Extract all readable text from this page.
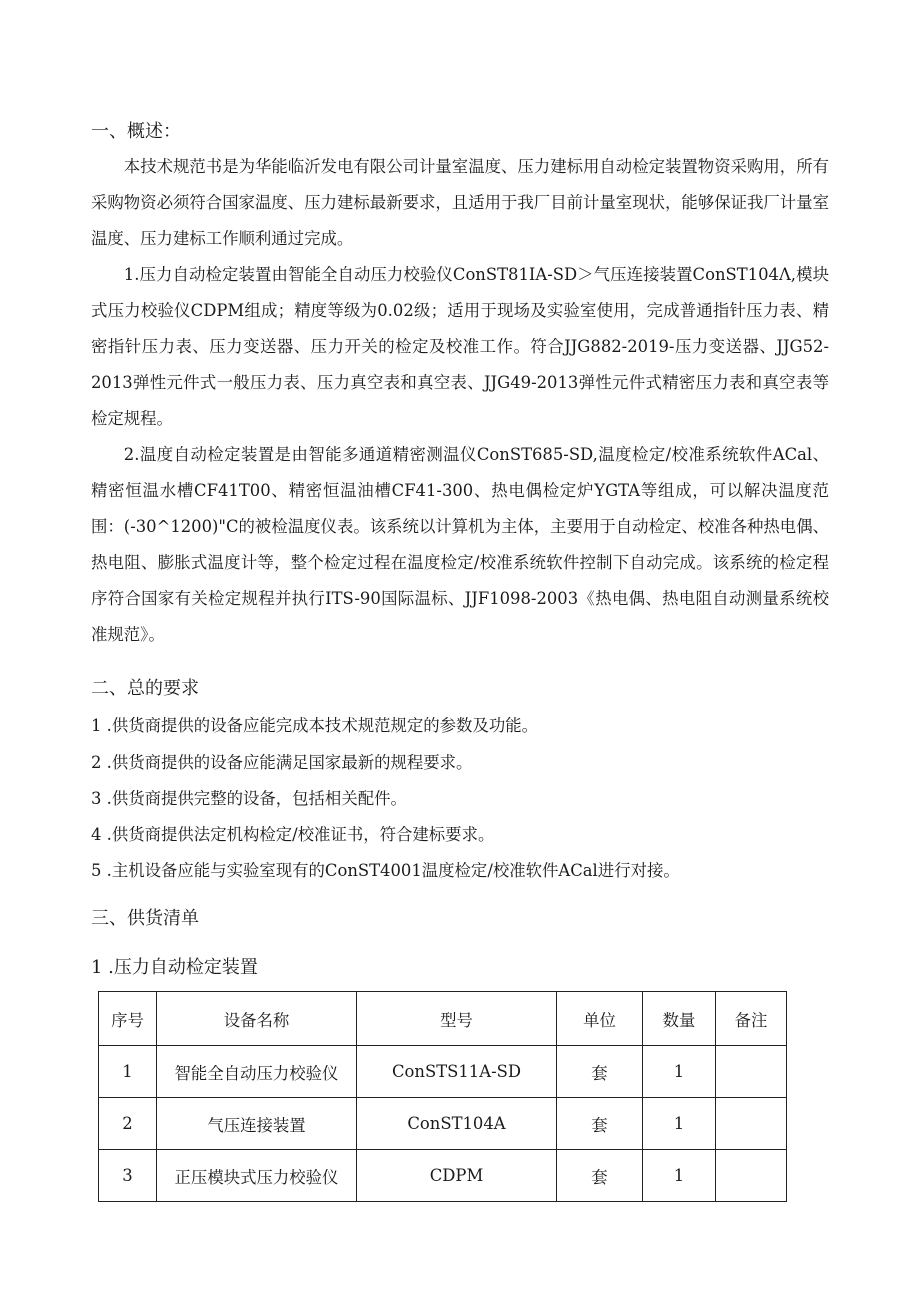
一、概述：
本技术规范书是为华能临沂发电有限公司计量室温度、压力建标用自动检定装置物资采购用，所有采购物资必须符合国家温度、压力建标最新要求，且适用于我厂目前计量室现状，能够保证我厂计量室温度、压力建标工作顺利通过完成。
1.压力自动检定装置由智能全自动压力校验仪ConST81IA-SD＞气压连接装置ConST104Λ,模块式压力校验仪CDPM组成；精度等级为0.02级；适用于现场及实验室使用，完成普通指针压力表、精密指针压力表、压力变送器、压力开关的检定及校准工作。符合JJG882-2019-压力变送器、JJG52-2013弹性元件式一般压力表、压力真空表和真空表、JJG49-2013弹性元件式精密压力表和真空表等检定规程。
2.温度自动检定装置是由智能多通道精密测温仪ConST685-SD,温度检定/校准系统软件ACal、精密恒温水槽CF41T00、精密恒温油槽CF41-300、热电偶检定炉YGTA等组成，可以解决温度范围：(-30^1200)"C的被检温度仪表。该系统以计算机为主体，主要用于自动检定、校准各种热电偶、热电阻、膨胀式温度计等，整个检定过程在温度检定/校准系统软件控制下自动完成。该系统的检定程序符合国家有关检定规程并执行ITS-90国际温标、JJF1098-2003《热电偶、热电阻自动测量系统校准规范》。
二、总的要求
1 .供货商提供的设备应能完成本技术规范规定的参数及功能。
2 .供货商提供的设备应能满足国家最新的规程要求。
3 .供货商提供完整的设备，包括相关配件。
4 .供货商提供法定机构检定/校准证书，符合建标要求。
5 .主机设备应能与实验室现有的ConST4001温度检定/校准软件ACal进行对接。
三、供货清单
1 .压力自动检定装置
序号	设备名称	型号	单位	数量	备注
1	智能全自动压力校验仪	ConSTS11A-SD	套	1	
2	气压连接装置	ConST104A	套	1	
3	正压模块式压力校验仪	CDPM	套	1	
